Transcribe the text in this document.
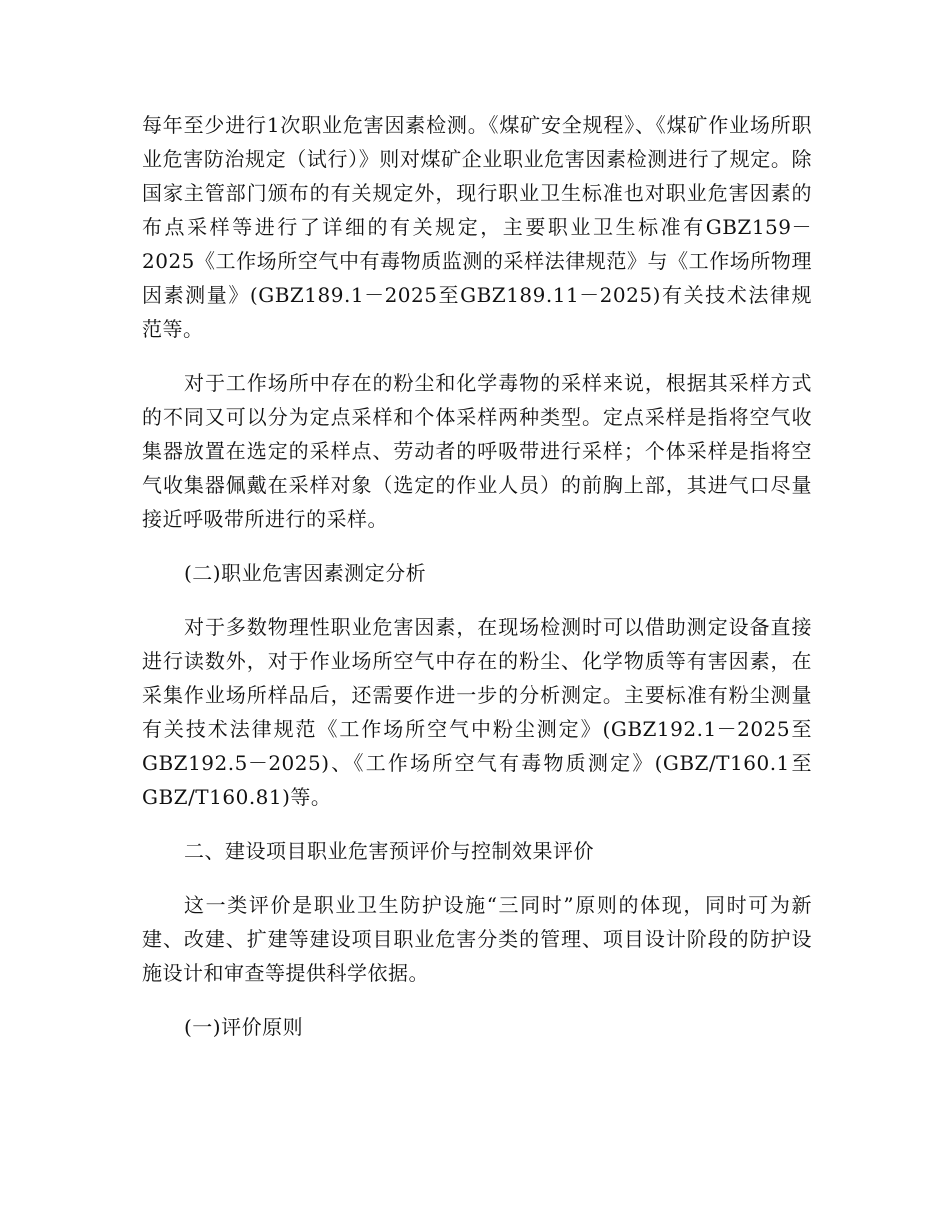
每年至少进行1次职业危害因素检测。《煤矿安全规程》、《煤矿作业场所职业危害防治规定（试行）》则对煤矿企业职业危害因素检测进行了规定。除国家主管部门颁布的有关规定外，现行职业卫生标准也对职业危害因素的布点采样等进行了详细的有关规定，主要职业卫生标准有GBZ159－2025《工作场所空气中有毒物质监测的采样法律规范》与《工作场所物理因素测量》(GBZ189.1－2025至GBZ189.11－2025)有关技术法律规范等。

对于工作场所中存在的粉尘和化学毒物的采样来说，根据其采样方式的不同又可以分为定点采样和个体采样两种类型。定点采样是指将空气收集器放置在选定的采样点、劳动者的呼吸带进行采样；个体采样是指将空气收集器佩戴在采样对象（选定的作业人员）的前胸上部，其进气口尽量接近呼吸带所进行的采样。

(二)职业危害因素测定分析

对于多数物理性职业危害因素，在现场检测时可以借助测定设备直接进行读数外，对于作业场所空气中存在的粉尘、化学物质等有害因素，在采集作业场所样品后，还需要作进一步的分析测定。主要标准有粉尘测量有关技术法律规范《工作场所空气中粉尘测定》(GBZ192.1－2025至GBZ192.5－2025)、《工作场所空气有毒物质测定》(GBZ/T160.1至GBZ/T160.81)等。

二、建设项目职业危害预评价与控制效果评价

这一类评价是职业卫生防护设施“三同时”原则的体现，同时可为新建、改建、扩建等建设项目职业危害分类的管理、项目设计阶段的防护设施设计和审查等提供科学依据。

(一)评价原则
